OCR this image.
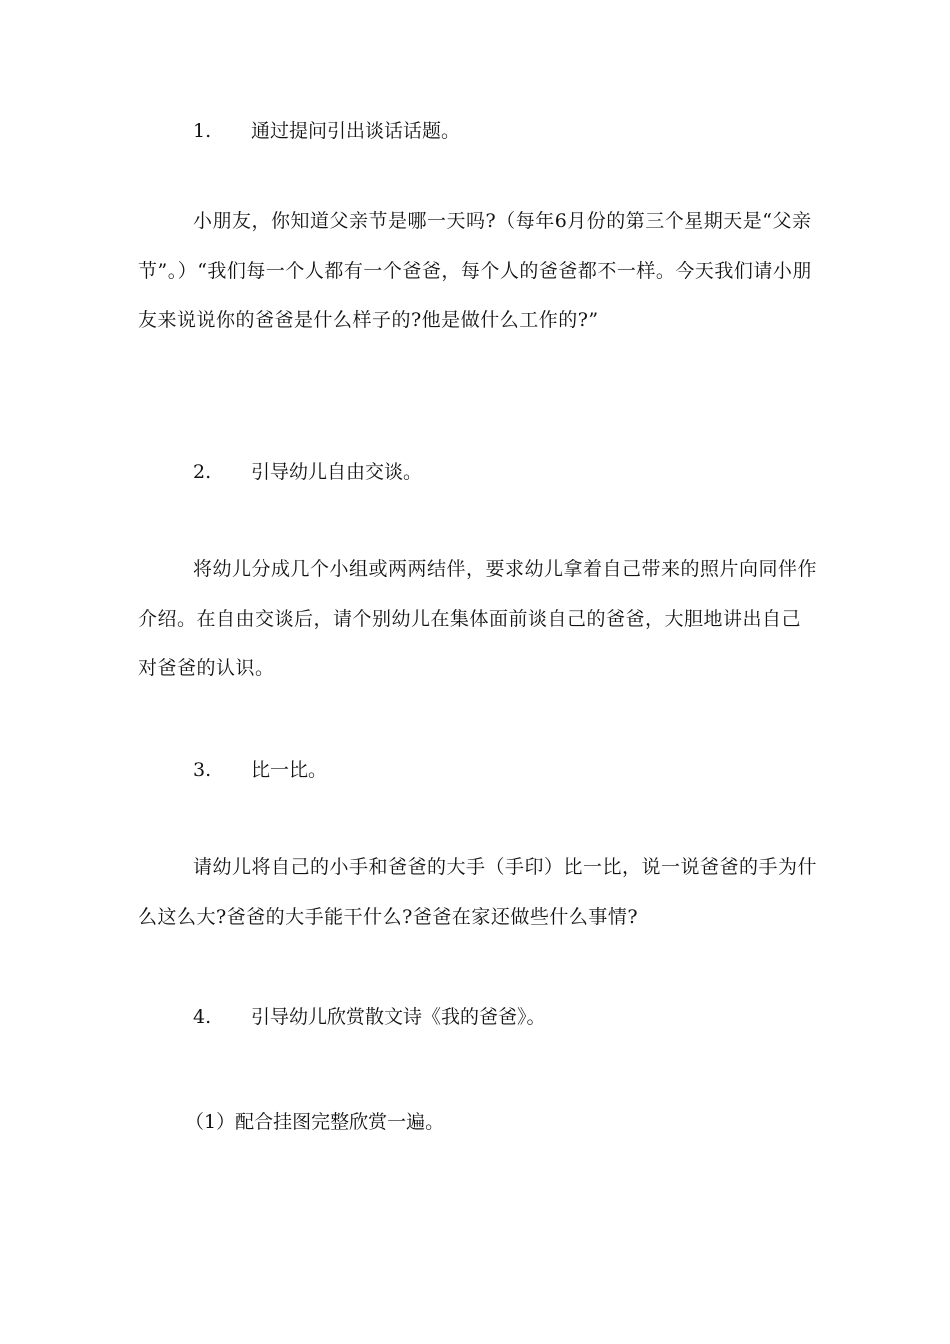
1. 通过提问引出谈话话题。

小朋友，你知道父亲节是哪一天吗?（每年6月份的第三个星期天是“父亲节”。）“我们每一个人都有一个爸爸，每个人的爸爸都不一样。今天我们请小朋友来说说你的爸爸是什么样子的?他是做什么工作的?”

2. 引导幼儿自由交谈。

将幼儿分成几个小组或两两结伴，要求幼儿拿着自己带来的照片向同伴作介绍。在自由交谈后，请个别幼儿在集体面前谈自己的爸爸，大胆地讲出自己对爸爸的认识。

3. 比一比。

请幼儿将自己的小手和爸爸的大手（手印）比一比，说一说爸爸的手为什么这么大?爸爸的大手能干什么?爸爸在家还做些什么事情?

4. 引导幼儿欣赏散文诗《我的爸爸》。
（1）配合挂图完整欣赏一遍。
